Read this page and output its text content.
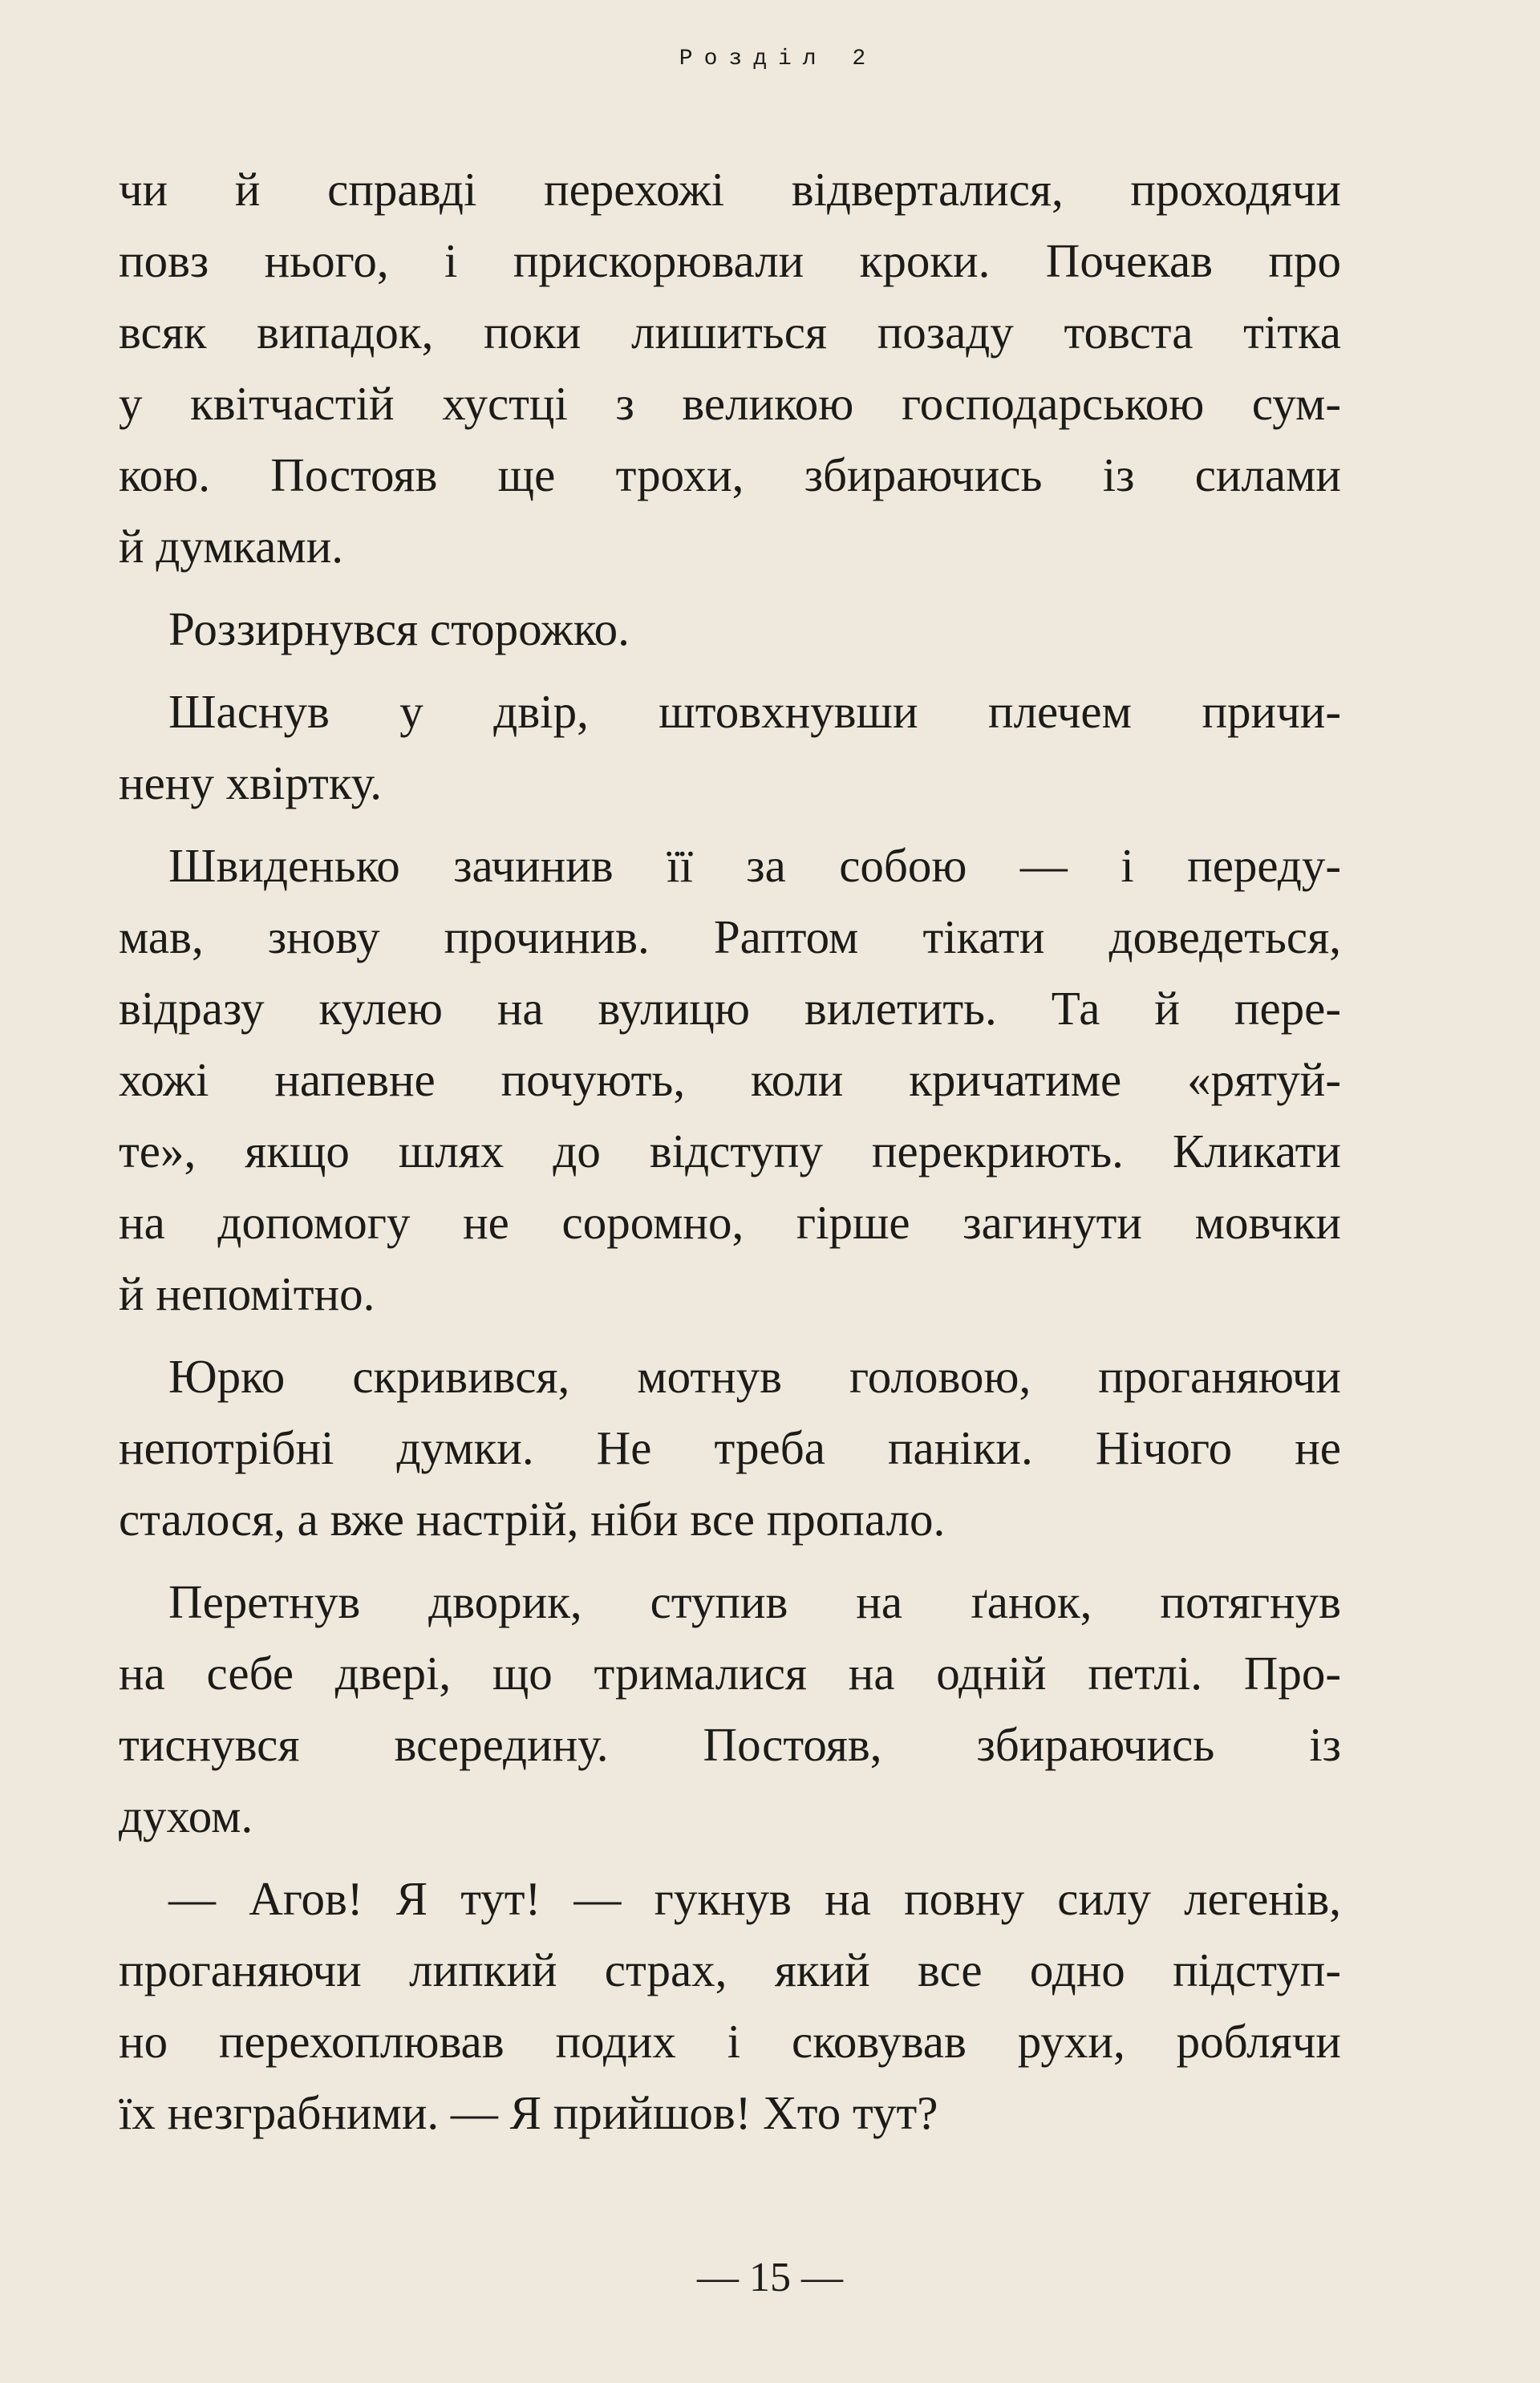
Розділ 2
чи й справді перехожі відверталися, проходячи
повз нього, і прискорювали кроки. Почекав про
всяк випадок, поки лишиться позаду товста тітка
у квітчастій хустці з великою господарською сум-
кою. Постояв ще трохи, збираючись із силами
й думками.
Роззирнувся сторожко.
Шаснув у двір, штовхнувши плечем причи-
нену хвіртку.
Швиденько зачинив її за собою — і переду-
мав, знову прочинив. Раптом тікати доведеться,
відразу кулею на вулицю вилетить. Та й пере-
хожі напевне почують, коли кричатиме «рятуй-
те», якщо шлях до відступу перекриють. Кликати
на допомогу не соромно, гірше загинути мовчки
й непомітно.
Юрко скривився, мотнув головою, проганяючи
непотрібні думки. Не треба паніки. Нічого не
сталося, а вже настрій, ніби все пропало.
Перетнув дворик, ступив на ґанок, потягнув
на себе двері, що трималися на одній петлі. Про-
тиснувся всередину. Постояв, збираючись із
духом.
— Агов! Я тут! — гукнув на повну силу легенів,
проганяючи липкий страх, який все одно підступ-
но перехоплював подих і сковував рухи, роблячи
їх незграбними. — Я прийшов! Хто тут?
— 15 —
